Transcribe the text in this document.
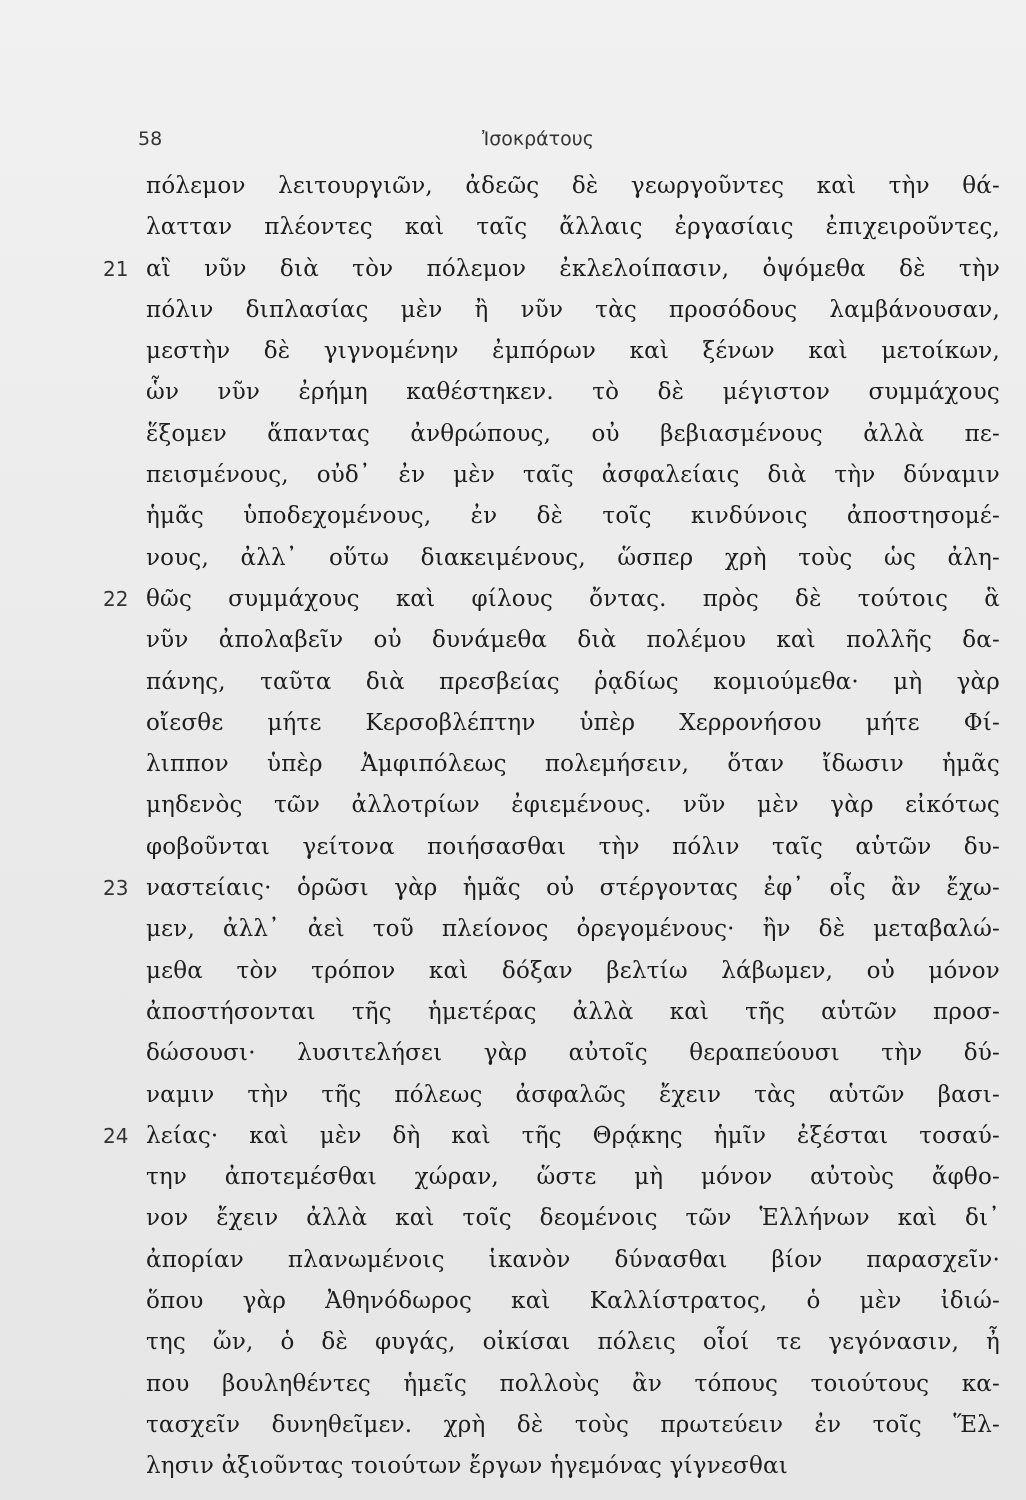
58	Ἰσοκράτους
πόλεμον λειτουργιῶν, ἀδεῶς δὲ γεωργοῦντες καὶ τὴν θά-
λατταν πλέοντες καὶ ταῖς ἄλλαις ἐργασίαις ἐπιχειροῦντες,
21 αἳ νῦν διὰ τὸν πόλεμον ἐκλελοίπασιν, ὀψόμεθα δὲ τὴν
πόλιν διπλασίας μὲν ἢ νῦν τὰς προσόδους λαμβάνουσαν,
μεστὴν δὲ γιγνομένην ἐμπόρων καὶ ξένων καὶ μετοίκων,
ὧν νῦν ἐρήμη καθέστηκεν. τὸ δὲ μέγιστον συμμάχους
ἕξομεν ἅπαντας ἀνθρώπους, οὐ βεβιασμένους ἀλλὰ πε-
πεισμένους, οὐδ᾽ ἐν μὲν ταῖς ἀσφαλείαις διὰ τὴν δύναμιν
ἡμᾶς ὑποδεχομένους, ἐν δὲ τοῖς κινδύνοις ἀποστησομέ-
νους, ἀλλ᾽ οὕτω διακειμένους, ὥσπερ χρὴ τοὺς ὡς ἀλη-
22 θῶς συμμάχους καὶ φίλους ὄντας. πρὸς δὲ τούτοις ἃ
νῦν ἀπολαβεῖν οὐ δυνάμεθα διὰ πολέμου καὶ πολλῆς δα-
πάνης, ταῦτα διὰ πρεσβείας ῥᾳδίως κομιούμεθα· μὴ γὰρ
οἴεσθε μήτε Κερσοβλέπτην ὑπὲρ Χερρονήσου μήτε Φί-
λιππον ὑπὲρ Ἀμφιπόλεως πολεμήσειν, ὅταν ἴδωσιν ἡμᾶς
μηδενὸς τῶν ἀλλοτρίων ἐφιεμένους. νῦν μὲν γὰρ εἰκότως
φοβοῦνται γείτονα ποιήσασθαι τὴν πόλιν ταῖς αὑτῶν δυ-
23 ναστείαις· ὁρῶσι γὰρ ἡμᾶς οὐ στέργοντας ἐφ᾽ οἷς ἂν ἔχω-
μεν, ἀλλ᾽ ἀεὶ τοῦ πλείονος ὀρεγομένους· ἢν δὲ μεταβαλώ-
μεθα τὸν τρόπον καὶ δόξαν βελτίω λάβωμεν, οὐ μόνον
ἀποστήσονται τῆς ἡμετέρας ἀλλὰ καὶ τῆς αὑτῶν προσ-
δώσουσι· λυσιτελήσει γὰρ αὐτοῖς θεραπεύουσι τὴν δύ-
ναμιν τὴν τῆς πόλεως ἀσφαλῶς ἔχειν τὰς αὑτῶν βασι-
24 λείας· καὶ μὲν δὴ καὶ τῆς Θρᾴκης ἡμῖν ἐξέσται τοσαύ-
την ἀποτεμέσθαι χώραν, ὥστε μὴ μόνον αὐτοὺς ἄφθο-
νον ἔχειν ἀλλὰ καὶ τοῖς δεομένοις τῶν Ἑλλήνων καὶ δι᾽
ἀπορίαν πλανωμένοις ἱκανὸν δύνασθαι βίον παρασχεῖν·
ὅπου γὰρ Ἀθηνόδωρος καὶ Καλλίστρατος, ὁ μὲν ἰδιώ-
της ὤν, ὁ δὲ φυγάς, οἰκίσαι πόλεις οἷοί τε γεγόνασιν, ἦ
που βουληθέντες ἡμεῖς πολλοὺς ἂν τόπους τοιούτους κα-
τασχεῖν δυνηθεῖμεν. χρὴ δὲ τοὺς πρωτεύειν ἐν τοῖς Ἕλ-
λησιν ἀξιοῦντας τοιούτων ἔργων ἡγεμόνας γίγνεσθαι
